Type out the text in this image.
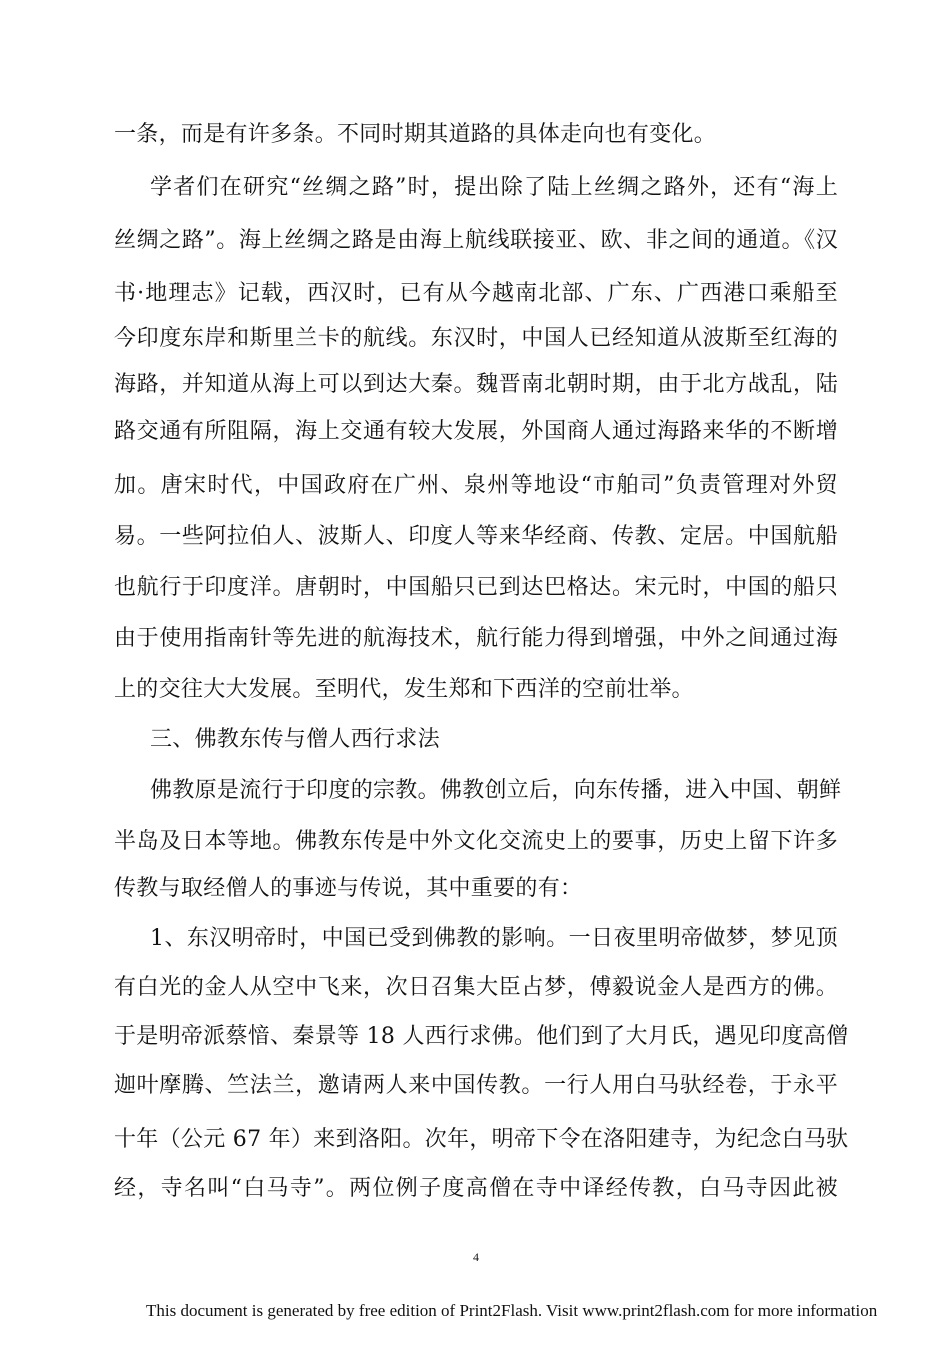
一条，而是有许多条。不同时期其道路的具体走向也有变化。
学者们在研究“丝绸之路”时，提出除了陆上丝绸之路外，还有“海上
丝绸之路”。海上丝绸之路是由海上航线联接亚、欧、非之间的通道。《汉
书·地理志》记载，西汉时，已有从今越南北部、广东、广西港口乘船至
今印度东岸和斯里兰卡的航线。东汉时，中国人已经知道从波斯至红海的
海路，并知道从海上可以到达大秦。魏晋南北朝时期，由于北方战乱，陆
路交通有所阻隔，海上交通有较大发展，外国商人通过海路来华的不断增
加。唐宋时代，中国政府在广州、泉州等地设“市舶司”负责管理对外贸
易。一些阿拉伯人、波斯人、印度人等来华经商、传教、定居。中国航船
也航行于印度洋。唐朝时，中国船只已到达巴格达。宋元时，中国的船只
由于使用指南针等先进的航海技术，航行能力得到增强，中外之间通过海
上的交往大大发展。至明代，发生郑和下西洋的空前壮举。
三、佛教东传与僧人西行求法
佛教原是流行于印度的宗教。佛教创立后，向东传播，进入中国、朝鲜
半岛及日本等地。佛教东传是中外文化交流史上的要事，历史上留下许多
传教与取经僧人的事迹与传说，其中重要的有：
1、东汉明帝时，中国已受到佛教的影响。一日夜里明帝做梦，梦见顶
有白光的金人从空中飞来，次日召集大臣占梦，傅毅说金人是西方的佛。
于是明帝派蔡愔、秦景等 18 人西行求佛。他们到了大月氏，遇见印度高僧
迦叶摩腾、竺法兰，邀请两人来中国传教。一行人用白马驮经卷，于永平
十年（公元 67 年）来到洛阳。次年，明帝下令在洛阳建寺，为纪念白马驮
经，寺名叫“白马寺”。两位例子度高僧在寺中译经传教，白马寺因此被
4
This document is generated by free edition of Print2Flash. Visit www.print2flash.com for more information
